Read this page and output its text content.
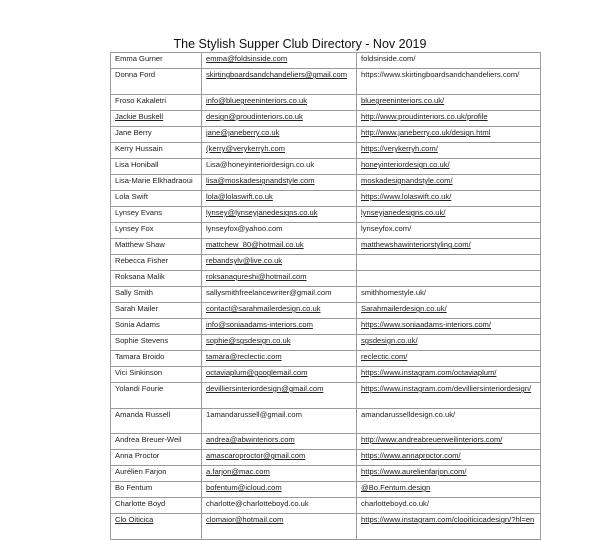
The Stylish Supper Club Directory - Nov 2019
Emma Gurner	emma@foldsinside.com	foldsinside.com/
Donna Ford	skirtingboardsandchandeliers@gmail.com	https://www.skirtingboardsandchandeliers.com/
Froso Kakaletri	info@bluegreeninteriors.co.uk	bluegreeninteriors.co.uk/
Jackie Buskell	design@proudinteriors.co.uk	http://www.proudinteriors.co.uk/profile
Jane Berry	jane@janeberry.co.uk	http://www.janeberry.co.uk/design.html
Kerry Hussain	(kerry@verykerryh.com	https://verykerryh.com/
Lisa Honiball	Lisa@honeyinteriordesign.co.uk	honeyinteriordesign.co.uk/
Lisa-Marie Elkhadraoui	lisa@moskadesignandstyle.com	moskadesignandstyle.com/
Lola Swift	lola@lolaswift.co.uk	https://www.lolaswift.co.uk/
Lynsey Evans	lynsey@lynseyjanedesigns.co.uk	lynseyjanedesigns.co.uk/
Lynsey Fox	lynseyfox@yahoo.com	lynseyfox.com/
Matthew Shaw	mattchew_80@hotmail.co.uk	matthewshawinteriorstyling.com/
Rebecca Fisher	rebandsylv@live.co.uk	
Roksana Malik	roksanaqureshi@hotmail.com	
Sally Smith	sallysmithfreelancewriter@gmail.com	smithhomestyle.uk/
Sarah Mailer	contact@sarahmailerdesign.co.uk	Sarahmailerdesign.co.uk/
Sonia Adams	info@soniaadams-interiors.com	https://www.soniaadams-interiors.com/
Sophie Stevens	sophie@sgsdesign.co.uk	sgsdesign.co.uk/
Tamara Broido	tamara@reclectic.com	reclectic.com/
Vici Sinkinson	octaviaplum@googlemail.com	https://www.instagram.com/octaviaplum/
Yolandi Fourie	devilliersinteriordesign@gmail.com	https://www.instagram.com/devilliersinteriordesign/
Amanda Russell	1amandarussell@gmail.com	amandarusselldesign.co.uk/
Andrea Breuer-Weil	andrea@abwinteriors.com	http://www.andreabreuerweilinteriors.com/
Anna Proctor	amascaroproctor@gmail.com	https://www.annaproctor.com/
Aurélien Farjon	a.farjon@mac.com	https://www.aurelienfarjon.com/
Bo Fentum	bofentum@icloud.com	@Bo.Fentum.design
Charlotte Boyd	charlotte@charlotteboyd.co.uk	charlotteboyd.co.uk/
Clo Oiticica	clomaior@hotmail.com	https://www.instagram.com/clooiticicadesign/?hl=en
